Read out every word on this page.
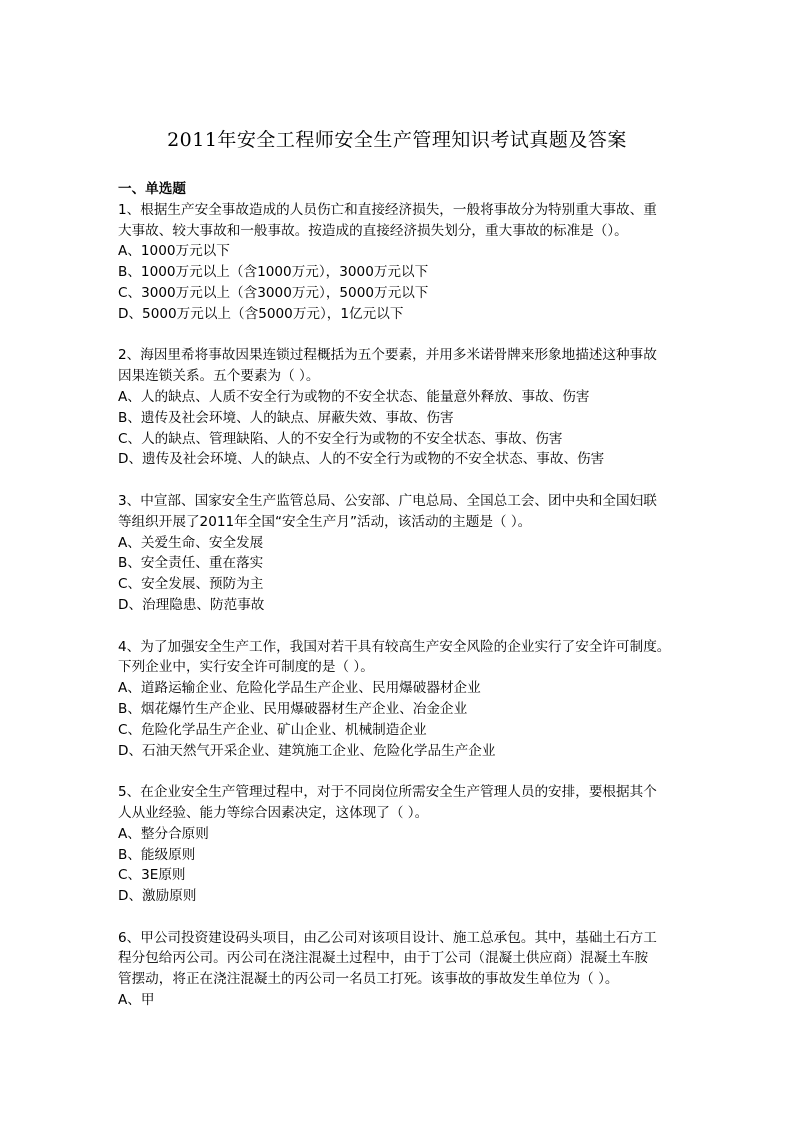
2011年安全工程师安全生产管理知识考试真题及答案
一、单选题
1、根据生产安全事故造成的人员伤亡和直接经济损失，一般将事故分为特别重大事故、重
大事故、较大事故和一般事故。按造成的直接经济损失划分，重大事故的标准是（）。
A、1000万元以下
B、1000万元以上（含1000万元），3000万元以下
C、3000万元以上（含3000万元），5000万元以下
D、5000万元以上（含5000万元），1亿元以下
2、海因里希将事故因果连锁过程概括为五个要素，并用多米诺骨牌来形象地描述这种事故
因果连锁关系。五个要素为（ ）。
A、人的缺点、人质不安全行为或物的不安全状态、能量意外释放、事故、伤害
B、遗传及社会环境、人的缺点、屏蔽失效、事故、伤害
C、人的缺点、管理缺陷、人的不安全行为或物的不安全状态、事故、伤害
D、遗传及社会环境、人的缺点、人的不安全行为或物的不安全状态、事故、伤害
3、中宣部、国家安全生产监管总局、公安部、广电总局、全国总工会、团中央和全国妇联
等组织开展了2011年全国“安全生产月”活动，该活动的主题是（ ）。
A、关爱生命、安全发展
B、安全责任、重在落实
C、安全发展、预防为主
D、治理隐患、防范事故
4、为了加强安全生产工作，我国对若干具有较高生产安全风险的企业实行了安全许可制度。
下列企业中，实行安全许可制度的是（ ）。
A、道路运输企业、危险化学品生产企业、民用爆破器材企业
B、烟花爆竹生产企业、民用爆破器材生产企业、冶金企业
C、危险化学品生产企业、矿山企业、机械制造企业
D、石油天然气开采企业、建筑施工企业、危险化学品生产企业
5、在企业安全生产管理过程中，对于不同岗位所需安全生产管理人员的安排，要根据其个
人从业经验、能力等综合因素决定，这体现了（ ）。
A、整分合原则
B、能级原则
C、3E原则
D、激励原则
6、甲公司投资建设码头项目，由乙公司对该项目设计、施工总承包。其中，基础土石方工
程分包给丙公司。丙公司在浇注混凝土过程中，由于丁公司（混凝土供应商）混凝土车胺
管摆动，将正在浇注混凝土的丙公司一名员工打死。该事故的事故发生单位为（ ）。
A、甲
